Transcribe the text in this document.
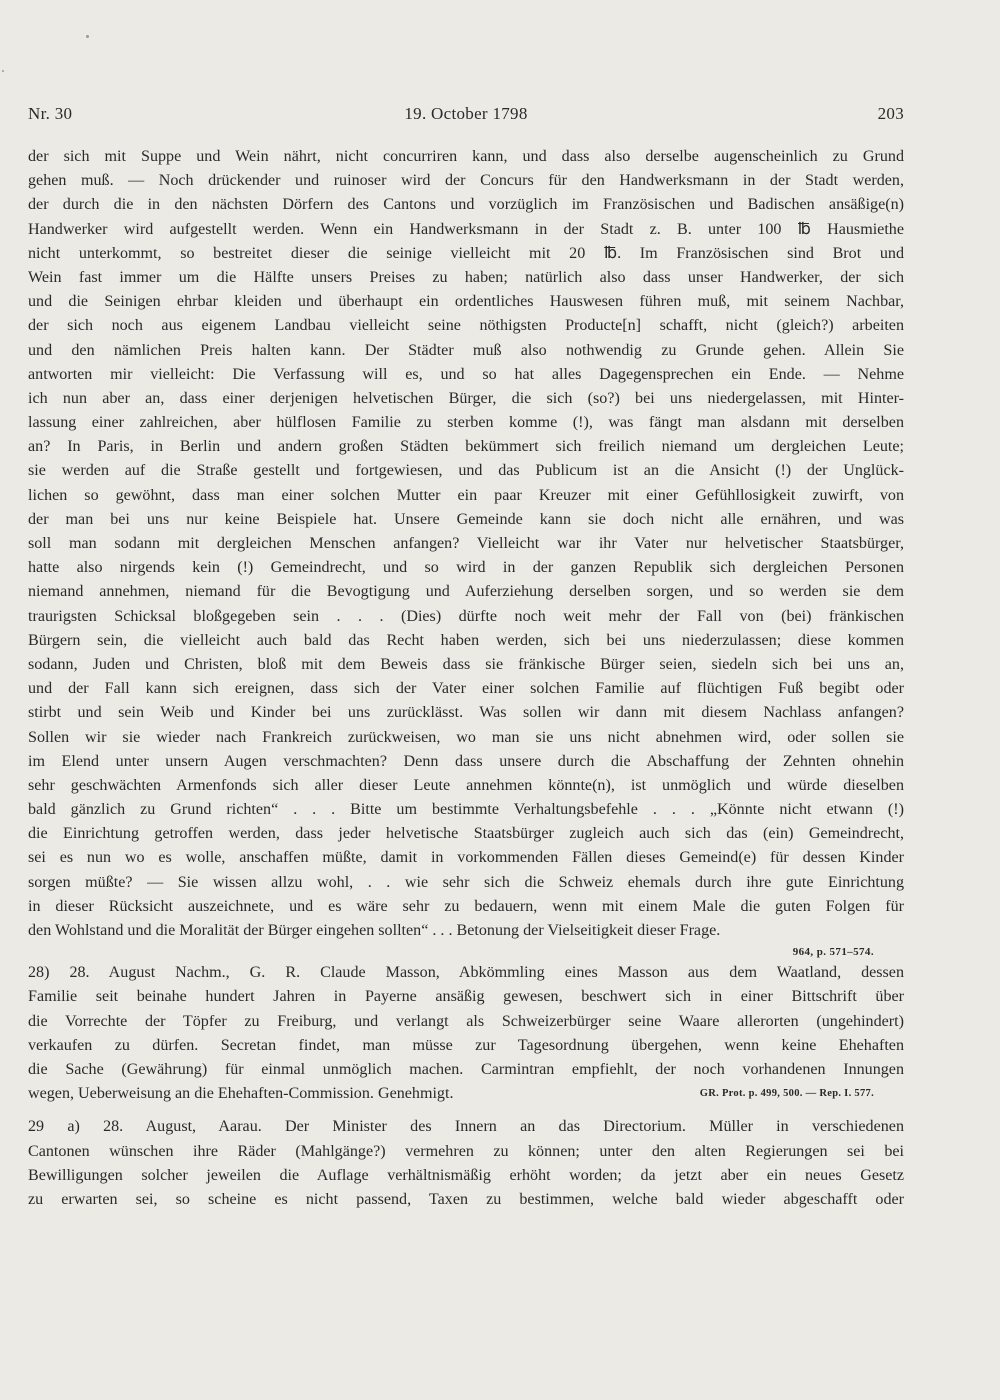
Nr. 30	19. October 1798	203
der sich mit Suppe und Wein nährt, nicht concurriren kann, und dass also derselbe augenscheinlich zu Grund
gehen muß. — Noch drückender und ruinoser wird der Concurs für den Handwerksmann in der Stadt werden,
der durch die in den nächsten Dörfern des Cantons und vorzüglich im Französischen und Badischen ansäßige(n)
Handwerker wird aufgestellt werden. Wenn ein Handwerksmann in der Stadt z. B. unter 100 ℔ Hausmiethe
nicht unterkommt, so bestreitet dieser die seinige vielleicht mit 20 ℔. Im Französischen sind Brot und
Wein fast immer um die Hälfte unsers Preises zu haben; natürlich also dass unser Handwerker, der sich
und die Seinigen ehrbar kleiden und überhaupt ein ordentliches Hauswesen führen muß, mit seinem Nachbar,
der sich noch aus eigenem Landbau vielleicht seine nöthigsten Producte[n] schafft, nicht (gleich?) arbeiten
und den nämlichen Preis halten kann. Der Städter muß also nothwendig zu Grunde gehen. Allein Sie
antworten mir vielleicht: Die Verfassung will es, und so hat alles Dagegensprechen ein Ende. — Nehme
ich nun aber an, dass einer derjenigen helvetischen Bürger, die sich (so?) bei uns niedergelassen, mit Hinter-
lassung einer zahlreichen, aber hülflosen Familie zu sterben komme (!), was fängt man alsdann mit derselben
an? In Paris, in Berlin und andern großen Städten bekümmert sich freilich niemand um dergleichen Leute;
sie werden auf die Straße gestellt und fortgewiesen, und das Publicum ist an die Ansicht (!) der Unglück-
lichen so gewöhnt, dass man einer solchen Mutter ein paar Kreuzer mit einer Gefühllosigkeit zuwirft, von
der man bei uns nur keine Beispiele hat. Unsere Gemeinde kann sie doch nicht alle ernähren, und was
soll man sodann mit dergleichen Menschen anfangen? Vielleicht war ihr Vater nur helvetischer Staatsbürger,
hatte also nirgends kein (!) Gemeindrecht, und so wird in der ganzen Republik sich dergleichen Personen
niemand annehmen, niemand für die Bevogtigung und Auferziehung derselben sorgen, und so werden sie dem
traurigsten Schicksal bloßgegeben sein . . . (Dies) dürfte noch weit mehr der Fall von (bei) fränkischen
Bürgern sein, die vielleicht auch bald das Recht haben werden, sich bei uns niederzulassen; diese kommen
sodann, Juden und Christen, bloß mit dem Beweis dass sie fränkische Bürger seien, siedeln sich bei uns an,
und der Fall kann sich ereignen, dass sich der Vater einer solchen Familie auf flüchtigen Fuß begibt oder
stirbt und sein Weib und Kinder bei uns zurücklässt. Was sollen wir dann mit diesem Nachlass anfangen?
Sollen wir sie wieder nach Frankreich zurückweisen, wo man sie uns nicht abnehmen wird, oder sollen sie
im Elend unter unsern Augen verschmachten? Denn dass unsere durch die Abschaffung der Zehnten ohnehin
sehr geschwächten Armenfonds sich aller dieser Leute annehmen könnte(n), ist unmöglich und würde dieselben
bald gänzlich zu Grund richten“ . . . Bitte um bestimmte Verhaltungsbefehle . . . „Könnte nicht etwann (!)
die Einrichtung getroffen werden, dass jeder helvetische Staatsbürger zugleich auch sich das (ein) Gemeindrecht,
sei es nun wo es wolle, anschaffen müßte, damit in vorkommenden Fällen dieses Gemeind(e) für dessen Kinder
sorgen müßte? — Sie wissen allzu wohl, . . wie sehr sich die Schweiz ehemals durch ihre gute Einrichtung
in dieser Rücksicht auszeichnete, und es wäre sehr zu bedauern, wenn mit einem Male die guten Folgen für
den Wohlstand und die Moralität der Bürger eingehen sollten“ . . . Betonung der Vielseitigkeit dieser Frage.
964, p. 571–574.
28) 28. August Nachm., G. R. Claude Masson, Abkömmling eines Masson aus dem Waatland, dessen
Familie seit beinahe hundert Jahren in Payerne ansäßig gewesen, beschwert sich in einer Bittschrift über
die Vorrechte der Töpfer zu Freiburg, und verlangt als Schweizerbürger seine Waare allerorten (ungehindert)
verkaufen zu dürfen. Secretan findet, man müsse zur Tagesordnung übergehen, wenn keine Ehehaften
die Sache (Gewährung) für einmal unmöglich machen. Carmintran empfiehlt, der noch vorhandenen Innungen
wegen, Ueberweisung an die Ehehaften-Commission. Genehmigt.	GR. Prot. p. 499, 500. — Rep. I. 577.
29 a) 28. August, Aarau. Der Minister des Innern an das Directorium. Müller in verschiedenen
Cantonen wünschen ihre Räder (Mahlgänge?) vermehren zu können; unter den alten Regierungen sei bei
Bewilligungen solcher jeweilen die Auflage verhältnismäßig erhöht worden; da jetzt aber ein neues Gesetz
zu erwarten sei, so scheine es nicht passend, Taxen zu bestimmen, welche bald wieder abgeschafft oder
